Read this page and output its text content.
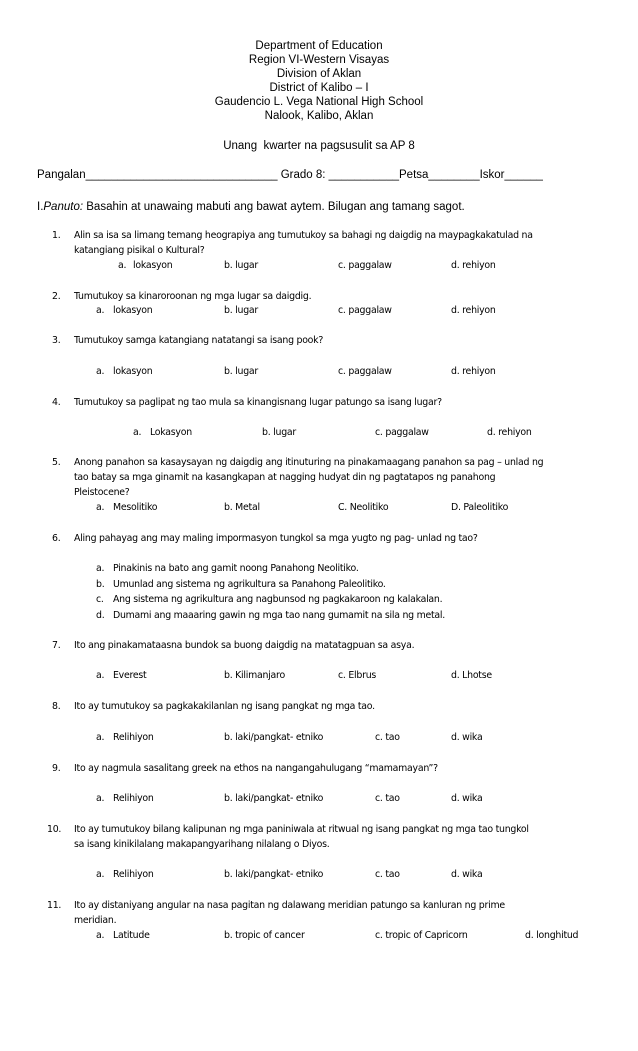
Department of Education
Region VI-Western Visayas
Division of Aklan
District of Kalibo – I
Gaudencio L. Vega National High School
Nalook, Kalibo, Aklan
Unang  kwarter na pagsusulit sa AP 8
Pangalan______________________________ Grado 8: ___________Petsa________Iskor______
I.Panuto: Basahin at unawaing mabuti ang bawat aytem. Bilugan ang tamang sagot.
1. Alin sa isa sa limang temang heograpiya ang tumutukoy sa bahagi ng daigdig na maypagkakatulad na
katangiang pisikal o Kultural?
a. lokasyon	b. lugar	c. paggalaw	d. rehiyon
2. Tumutukoy sa kinaroroonan ng mga lugar sa daigdig.
a. lokasyon	b. lugar	c. paggalaw	d. rehiyon
3. Tumutukoy samga katangiang natatangi sa isang pook?
a. lokasyon	b. lugar	c. paggalaw	d. rehiyon
4. Tumutukoy sa paglipat ng tao mula sa kinangisnang lugar patungo sa isang lugar?
a. Lokasyon	b. lugar	c. paggalaw	d. rehiyon
5. Anong panahon sa kasaysayan ng daigdig ang itinuturing na pinakamaagang panahon sa pag – unlad ng
tao batay sa mga ginamit na kasangkapan at nagging hudyat din ng pagtatapos ng panahong
Pleistocene?
a. Mesolitiko	b. Metal	C. Neolitiko	D. Paleolitiko
6. Aling pahayag ang may maling impormasyon tungkol sa mga yugto ng pag- unlad ng tao?
a. Pinakinis na bato ang gamit noong Panahong Neolitiko.
b. Umunlad ang sistema ng agrikultura sa Panahong Paleolitiko.
c. Ang sistema ng agrikultura ang nagbunsod ng pagkakaroon ng kalakalan.
d. Dumami ang maaaring gawin ng mga tao nang gumamit na sila ng metal.
7. Ito ang pinakamataasna bundok sa buong daigdig na matatagpuan sa asya.
a. Everest	b. Kilimanjaro	c. Elbrus	d. Lhotse
8. Ito ay tumutukoy sa pagkakakilanlan ng isang pangkat ng mga tao.
a. Relihiyon	b. laki/pangkat- etniko	c. tao	d. wika
9. Ito ay nagmula sasalitang greek na ethos na nangangahulugang “mamamayan”?
a. Relihiyon	b. laki/pangkat- etniko	c. tao	d. wika
10. Ito ay tumutukoy bilang kalipunan ng mga paniniwala at ritwual ng isang pangkat ng mga tao tungkol
sa isang kinikilalang makapangyarihang nilalang o Diyos.
a. Relihiyon	b. laki/pangkat- etniko	c. tao	d. wika
11. Ito ay distaniyang angular na nasa pagitan ng dalawang meridian patungo sa kanluran ng prime
meridian.
a. Latitude	b. tropic of cancer	c. tropic of Capricorn	d. longhitud
